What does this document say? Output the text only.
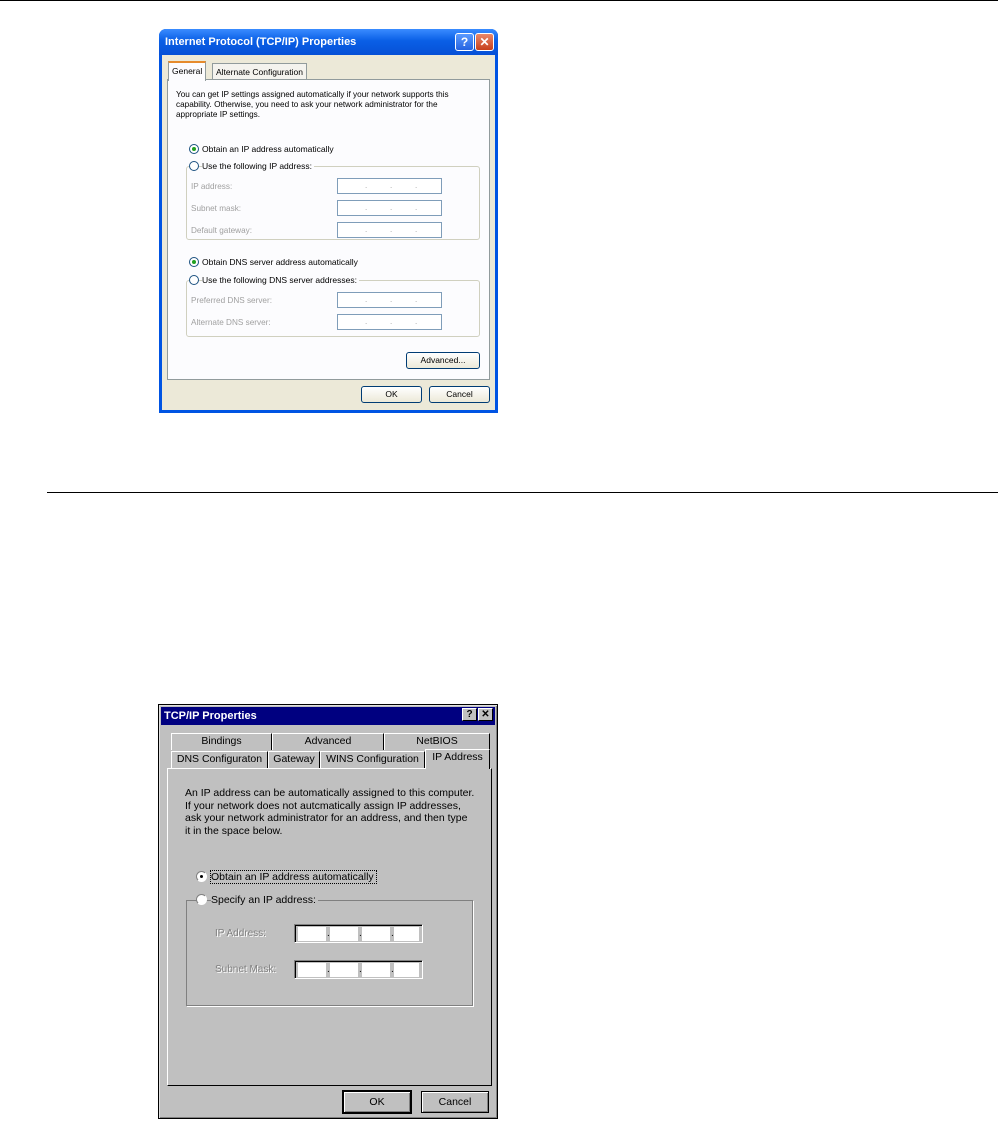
Internet Protocol (TCP/IP) Properties	? ✕
General	Alternate Configuration
You can get IP settings assigned automatically if your network supports this capability. Otherwise, you need to ask your network administrator for the appropriate IP settings.
Obtain an IP address automatically
Use the following IP address:
IP address:	.	.	.
Subnet mask:	.	.	.
Default gateway:	.	.	.
Obtain DNS server address automatically
Use the following DNS server addresses:
Preferred DNS server:	.	.	.
Alternate DNS server:	.	.	.
Advanced...
OK	Cancel
TCP/IP Properties	? ✕
Bindings	Advanced	NetBIOS
DNS Configuraton	Gateway	WINS Configuration	IP Address
An IP address can be automatically assigned to this computer. If your network does not autcmatically assign IP addresses, ask your network administrator for an address, and then type it in the space below.
Obtain an IP address automatically
Specify an IP address:
IP Address:	.	.	.
Subnet Mask:	.	.	.
OK	Cancel
